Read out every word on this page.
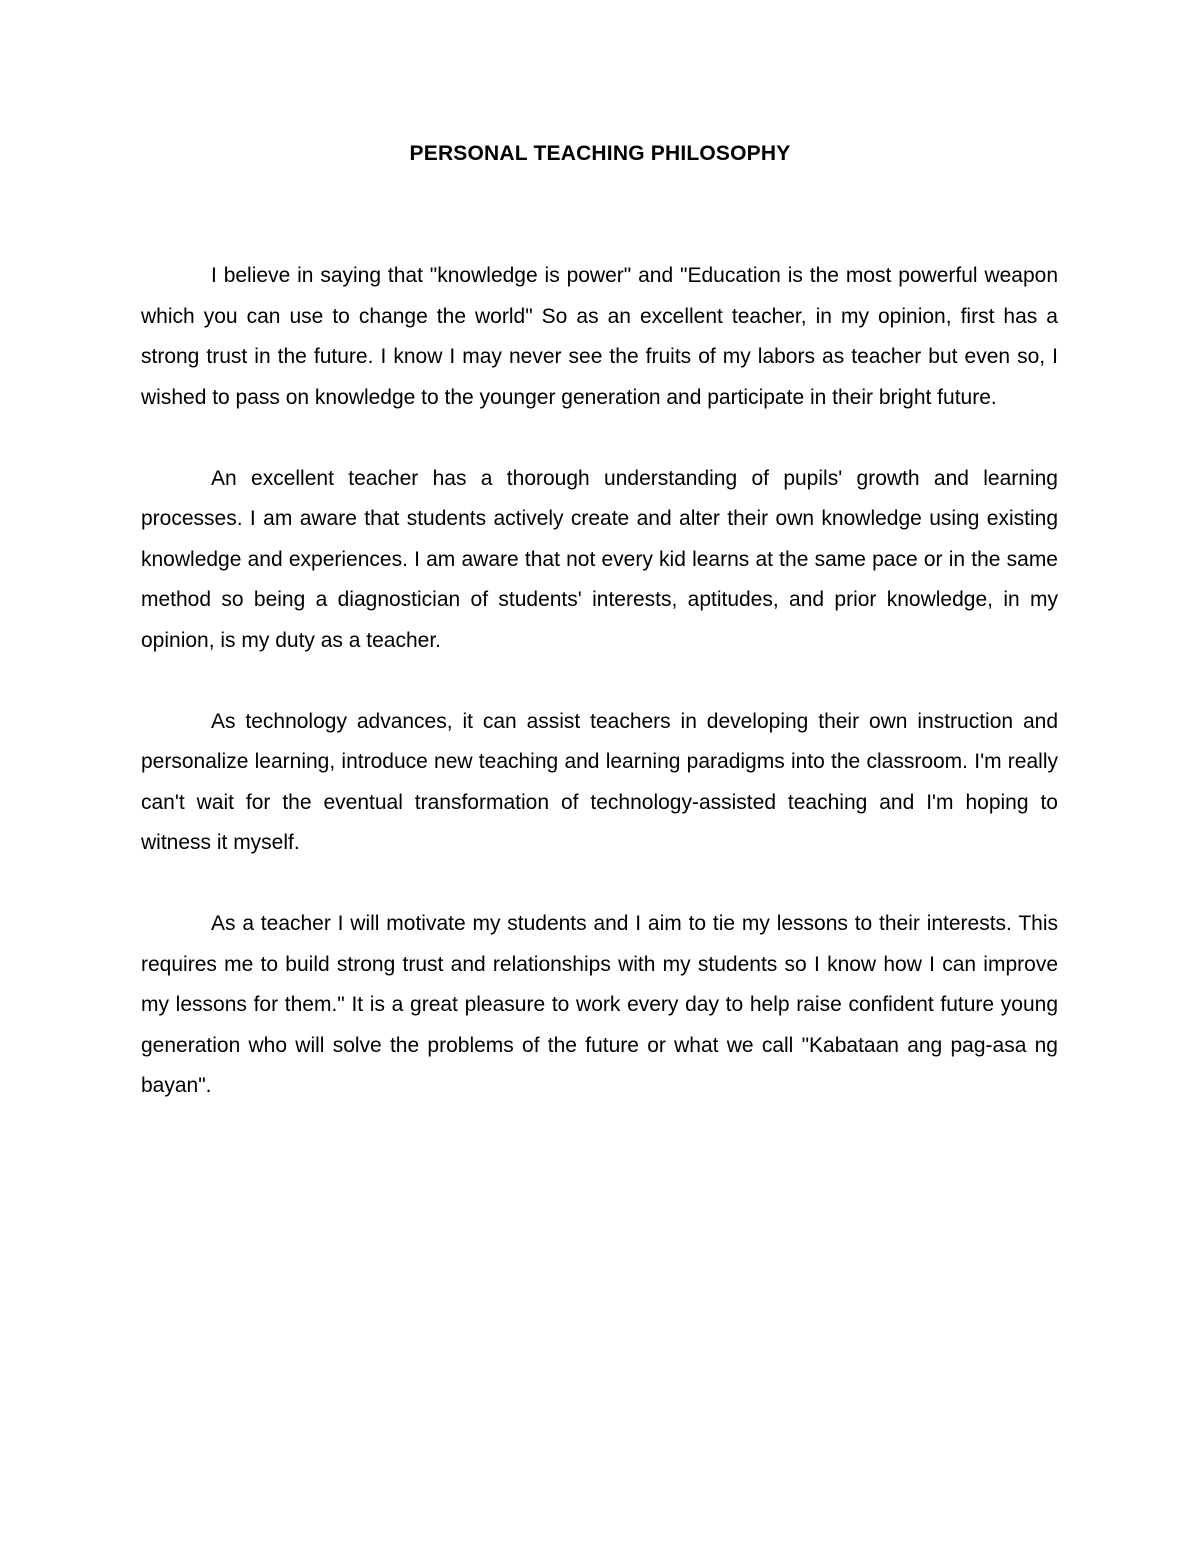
PERSONAL TEACHING PHILOSOPHY

I believe in saying that "knowledge is power" and "Education is the most powerful weapon which you can use to change the world" So as an excellent teacher, in my opinion, first has a strong trust in the future. I know I may never see the fruits of my labors as teacher but even so, I wished to pass on knowledge to the younger generation and participate in their bright future.

An excellent teacher has a thorough understanding of pupils' growth and learning processes. I am aware that students actively create and alter their own knowledge using existing knowledge and experiences. I am aware that not every kid learns at the same pace or in the same method so being a diagnostician of students' interests, aptitudes, and prior knowledge, in my opinion, is my duty as a teacher.

As technology advances, it can assist teachers in developing their own instruction and personalize learning, introduce new teaching and learning paradigms into the classroom. I'm really can't wait for the eventual transformation of technology-assisted teaching and I'm hoping to witness it myself.

As a teacher I will motivate my students and I aim to tie my lessons to their interests. This requires me to build strong trust and relationships with my students so I know how I can improve my lessons for them." It is a great pleasure to work every day to help raise confident future young generation who will solve the problems of the future or what we call "Kabataan ang pag-asa ng bayan".
